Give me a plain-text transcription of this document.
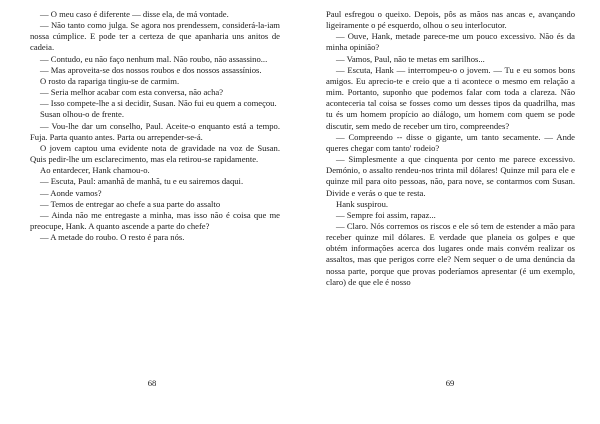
— O meu caso é diferente — disse ela, de má vontade.

— Não tanto como julga. Se agora nos prendessem, considerá-la-iam nossa cúmplice. E pode ter a certeza de que apanharia uns anitos de cadeia.

— Contudo, eu não faço nenhum mal. Não roubo, não assassino...

— Mas aproveita-se dos nossos roubos e dos nossos assassínios.

O rosto da rapariga tingiu-se de carmim.

— Seria melhor acabar com esta conversa, não acha?

— Isso compete-lhe a si decidir, Susan. Não fui eu quem a começou.

Susan olhou-o de frente.

— Vou-lhe dar um conselho, Paul. Aceite-o enquanto está a tempo. Fuja. Parta quanto antes. Parta ou arrepender-se-á.

O jovem captou uma evidente nota de gravidade na voz de Susan. Quis pedir-lhe um esclarecimento, mas ela retirou-se rapidamente.

Ao entardecer, Hank chamou-o.

— Escuta, Paul: amanhã de manhã, tu e eu sairemos daqui.

— Aonde vamos?

— Temos de entregar ao chefe a sua parte do assalto

— Ainda não me entregaste a minha, mas isso não é coisa que me preocupe, Hank. A quanto ascende a parte do chefe?

— A metade do roubo. O resto é para nós.

68

Paul esfregou o queixo. Depois, pôs as mãos nas ancas e, avançando ligeiramente o pé esquerdo, olhou o seu interlocutor.

— Ouve, Hank, metade parece-me um pouco excessivo. Não és da minha opinião?

— Vamos, Paul, não te metas em sarilhos...

— Escuta, Hank — interrompeu-o o jovem. — Tu e eu somos bons amigos. Eu aprecio-te e creio que a ti acontece o mesmo em relação a mim. Portanto, suponho que podemos falar com toda a clareza. Não aconteceria tal coisa se fosses como um desses tipos da quadrilha, mas tu és um homem propício ao diálogo, um homem com quem se pode discutir, sem medo de receber um tiro, compreendes?

— Compreendo -- disse o gigante, um tanto secamente. — Ande queres chegar com tanto' rodeio?

— Simplesmente a que cinquenta por cento me parece excessivo. Demónio, o assalto rendeu-nos trinta mil dólares! Quinze mil para ele e quinze mil para oito pessoas, não, para nove, se contarmos com Susan. Divide e verás o que te resta.

Hank suspirou.

— Sempre foi assim, rapaz...

— Claro. Nós corremos os riscos e ele só tem de estender a mão para receber quinze mil dólares. E verdade que planeia os golpes e que obtém informações acerca dos lugares onde mais convém realizar os assaltos, mas que perigos corre ele? Nem sequer o de uma denúncia da nossa parte, porque que provas poderíamos apresentar (é um exemplo, claro) de que ele é nosso

69
